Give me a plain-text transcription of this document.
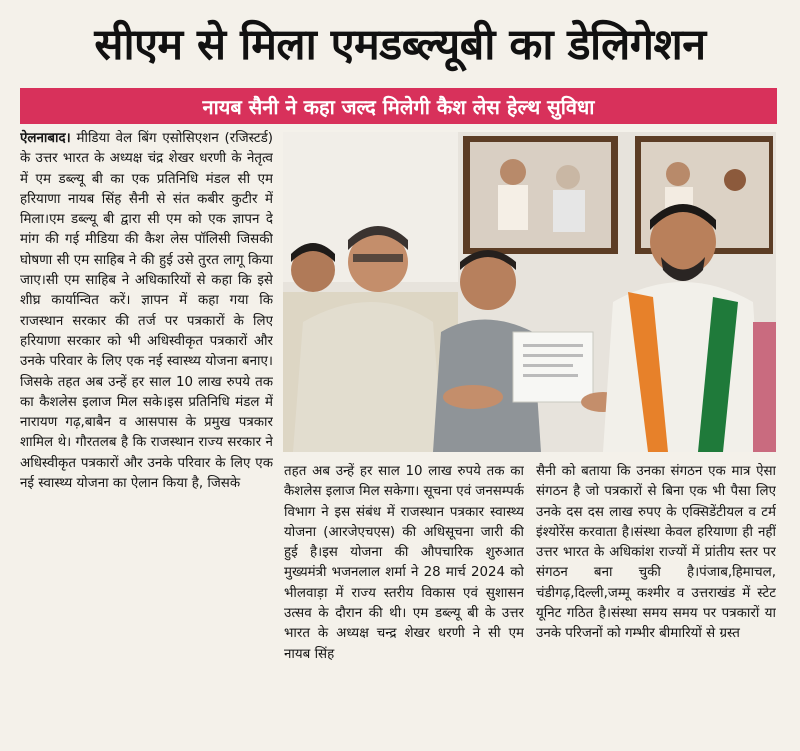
सीएम से मिला एमडब्ल्यूबी का डेलिगेशन
नायब सैनी ने कहा जल्द मिलेगी कैश लेस हेल्थ सुविधा
ऐलनाबाद। मीडिया वेल बिंग एसोसिएशन (रजिस्टर्ड) के उत्तर भारत के अध्यक्ष चंद्र शेखर धरणी के नेतृत्व में एम डब्ल्यू बी का एक प्रतिनिधि मंडल सी एम हरियाणा नायब सिंह सैनी से संत कबीर कुटीर में मिला।एम डब्ल्यू बी द्वारा सी एम को एक ज्ञापन दे मांग की गई मीडिया की कैश लेस पॉलिसी जिसकी घोषणा सी एम साहिब ने की हुई उसे तुरत लागू किया जाए।सी एम साहिब ने अधिकारियों से कहा कि इसे शीघ्र कार्यान्वित करें। ज्ञापन में कहा गया कि राजस्थान सरकार की तर्ज पर पत्रकारों के लिए हरियाणा सरकार को भी अधिस्वीकृत पत्रकारों और उनके परिवार के लिए एक नई स्वास्थ्य योजना बनाए।जिसके तहत अब उन्हें हर साल 10 लाख रुपये तक का कैशलेस इलाज मिल सके।इस प्रतिनिधि मंडल में नारायण गढ़,बाबैन व आसपास के प्रमुख पत्रकार शामिल थे। गौरतलब है कि राजस्थान राज्य सरकार ने अधिस्वीकृत पत्रकारों और उनके परिवार के लिए एक नई स्वास्थ्य योजना का ऐलान किया है, जिसके
तहत अब उन्हें हर साल 10 लाख रुपये तक का कैशलेस इलाज मिल सकेगा। सूचना एवं जनसम्पर्क विभाग ने इस संबंध में राजस्थान पत्रकार स्वास्थ्य योजना (आरजेएचएस) की अधिसूचना जारी की हुई है।इस योजना की औपचारिक शुरुआत मुख्यमंत्री भजनलाल शर्मा ने 28 मार्च 2024 को भीलवाड़ा में राज्य स्तरीय विकास एवं सुशासन उत्सव के दौरान की थी। एम डब्ल्यू बी के उत्तर भारत के अध्यक्ष चन्द्र शेखर धरणी ने सी एम नायब सिंह
सैनी को बताया कि उनका संगठन एक मात्र ऐसा संगठन है जो पत्रकारों से बिना एक भी पैसा लिए उनके दस दस लाख रुपए के एक्सिडेंटीयल व टर्म इंश्योरेंस करवाता है।संस्था केवल हरियाणा ही नहीं उत्तर भारत के अधिकांश राज्यों में प्रांतीय स्तर पर संगठन बना चुकी है।पंजाब,हिमाचल, चंडीगढ़,दिल्ली,जम्मू कश्मीर व उत्तराखंड में स्टेट यूनिट गठित है।संस्था समय समय पर पत्रकारों या उनके परिजनों को गम्भीर बीमारियों से ग्रस्त
